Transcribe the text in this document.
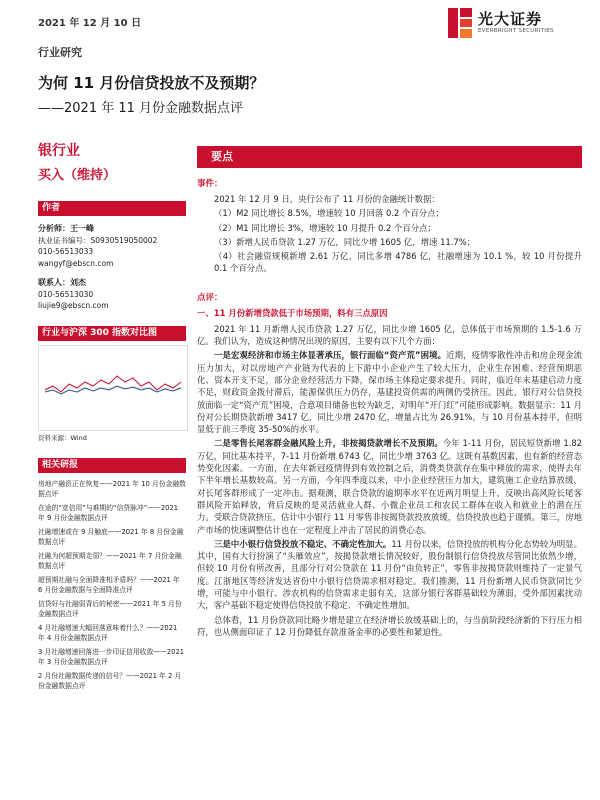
2021 年 12 月 10 日	光大证券
EVERBRIGHT SECURITIES
行业研究
为何 11 月份信贷投放不及预期？
——2021 年 11 月份金融数据点评
银行业
买入（维持）
作者
分析师：王一峰
执业证书编号：S0930519050002
010-56513033
wangyf@ebscn.com
联系人：刘杰
010-56513030
liujie9@ebscn.com
行业与沪深 300 指数对比图
资料来源：Wind
相关研报
房地产融资正在恢复——2021 年 10 月份金融数据点评
在途的“宽信用”与难期的“信贷脉冲”——2021 年 9 月份金融数据点评
社融增速或在 9 月触底——2021 年 8 月份金融数据点评
社融为何超预期走弱？——2021 年 7 月份金融数据点评
超预期社融与全面降准相矛盾吗？——2021 年 6 月份金融数据与全面降准点评
信贷好与社融弱背后的秘密——2021 年 5 月份金融数据点评
4 月社融增速大幅回落意味着什么？——2021 年 4 月份金融数据点评
3 月社融增速回落进一步印证信用收敛——2021 年 3 月份金融数据点评
2 月份社融数据传递的信号？——2021 年 2 月份金融数据点评
要点
事件：
2021 年 12 月 9 日，央行公布了 11 月份的金融统计数据：
（1）M2 同比增长 8.5%，增速较 10 月回落 0.2 个百分点；
（2）M1 同比增长 3%，增速较 10 月提升 0.2 个百分点；
（3）新增人民币贷款 1.27 万亿，同比少增 1605 亿，增速 11.7%；
（4）社会融资规模新增 2.61 万亿，同比多增 4786 亿，社融增速为 10.1 %，较 10 月份提升 0.1 个百分点。
点评：
一、11 月份新增贷款低于市场预期，料有三点原因
2021 年 11 月新增人民币贷款 1.27 万亿，同比少增 1605 亿，总体低于市场预期的 1.5-1.6 万亿。我们认为，造成这种情况出现的原因，主要有以下几个方面：
一是宏观经济和市场主体显著承压，银行面临“资产荒”困境。近期，疫情零散性冲击和房企现金流压力加大，对以房地产产业链为代表的上下游中小企业产生了较大压力，企业生存困难、经营预期恶化、资本开支不足，部分企业经营活力下降，保市场主体稳定要求提升。同时，临近年末基建启动力度不足，财政资金拨付滞后，能源保供压力仍存，基建投资供需的两侧仍受挤压。因此，银行对公信贷投放面临一定“资产荒”困境，合意项目储备也较为缺乏，对明年“开门红”可能形成影响。数据显示：11 月份对公长期贷款新增 3417 亿，同比少增 2470 亿，增量占比为 26.91%，与 10 月份基本持平，但明显低于前三季度 35-50%的水平。
二是零售长尾客群金融风险上升，非按揭贷款增长不及预期。今年 1-11 月份，居民短贷新增 1.82 万亿，同比基本持平，7-11 月份新增 6743 亿，同比少增 3763 亿。这既有基数因素，也有新的经营态势变化因素。一方面，在去年新冠疫情得到有效控制之后，消费类贷款存在集中释放的需求，使得去年下半年增长基数较高。另一方面，今年四季度以来，中小企业经营压力加大，建筑施工企业结算放缓，对长尾客群形成了一定冲击。据观测，联合贷款的逾期率水平在近两月明显上升，反映出高风险长尾客群风险开始释放，背后反映的是灵活就业人群、小微企业员工和农民工群体在收入和就业上的潜在压力。受联合贷款挤压，估计中小银行 11 月零售非按揭贷款投放放缓，信贷投放也趋于谨慎。第三，房地产市场的快速调整估计也在一定程度上冲击了居民的消费心态。
三是中小银行信贷投放不稳定、不确定性加大。11 月份以来，信贷投放的机构分化态势较为明显。其中，国有大行扮演了“头雁效应”，按揭贷款增长情况较好，股份制银行信贷投放尽管同比依然少增，但较 10 月份有所改善，且部分行对公贷款在 11 月份“由负转正”，零售非按揭贷款则维持了一定景气度。江浙地区等经济发达省份中小银行信贷需求相对稳定。我们推测，11 月份新增人民币贷款同比少增，可能与中小银行、涉农机构的信贷需求走弱有关，这部分银行客群基础较为薄弱，受外部因素扰动大，客户基础不稳定使得信贷投放不稳定、不确定性增加。
总体看，11 月份贷款同比略少增是建立在经济增长放缓基础上的，与当前阶段经济新的下行压力相符，也从侧面印证了 12 月份降低存款准备金率的必要性和紧迫性。
